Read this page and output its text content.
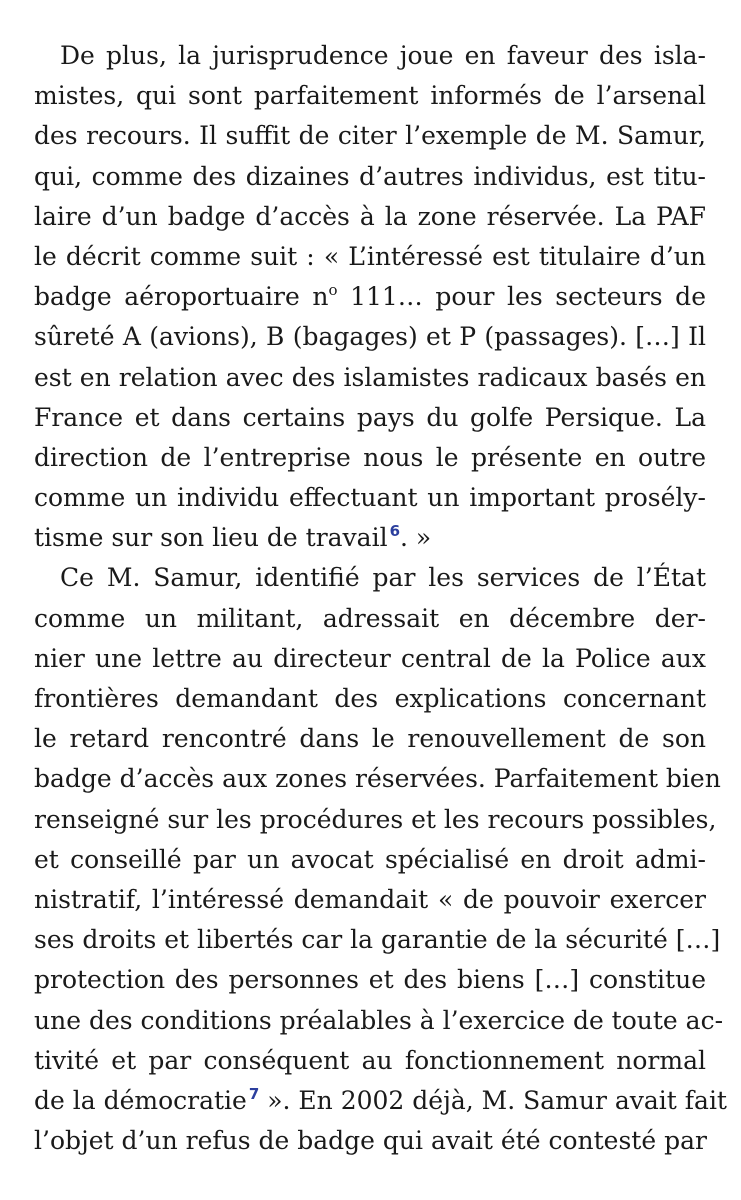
De plus, la jurisprudence joue en faveur des isla-
mistes, qui sont parfaitement informés de l’arsenal
des recours. Il suffit de citer l’exemple de M. Samur,
qui, comme des dizaines d’autres individus, est titu-
laire d’un badge d’accès à la zone réservée. La PAF
le décrit comme suit : « L’intéressé est titulaire d’un
badge aéroportuaire $n^o$ 111… pour les secteurs de
sûreté A (avions), B (bagages) et P (passages). […] Il
est en relation avec des islamistes radicaux basés en
France et dans certains pays du golfe Persique. La
direction de l’entreprise nous le présente en outre
comme un individu effectuant un important prosély-
tisme sur son lieu de travail $^6$. »
Ce M. Samur, identifié par les services de l’État
comme un militant, adressait en décembre der-
nier une lettre au directeur central de la Police aux
frontières demandant des explications concernant
le retard rencontré dans le renouvellement de son
badge d’accès aux zones réservées. Parfaitement bien
renseigné sur les procédures et les recours possibles,
et conseillé par un avocat spécialisé en droit admi-
nistratif, l’intéressé demandait « de pouvoir exercer
ses droits et libertés car la garantie de la sécurité […]
protection des personnes et des biens […] constitue
une des conditions préalables à l’exercice de toute ac-
tivité et par conséquent au fonctionnement normal
de la démocratie $^7$ ». En 2002 déjà, M. Samur avait fait
l’objet d’un refus de badge qui avait été contesté par
